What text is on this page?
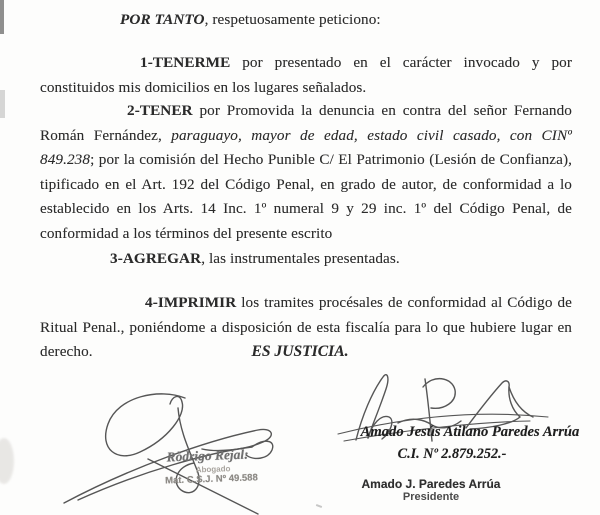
POR TANTO, respetuosamente peticiono:

1-TENERME por presentado en el carácter invocado y por constituidos mis domicilios en los lugares señalados.

2-TENER por Promovida la denuncia en contra del señor Fernando Román Fernández, paraguayo, mayor de edad, estado civil casado, con CINº 849.238; por la comisión del Hecho Punible C/ El Patrimonio (Lesión de Confianza), tipificado en el Art. 192 del Código Penal, en grado de autor, de conformidad a lo establecido en los Arts. 14 Inc. 1º numeral 9 y 29 inc. 1º del Código Penal, de conformidad a los términos del presente escrito

3-AGREGAR, las instrumentales presentadas.

4-IMPRIMIR los tramites procésales de conformidad al Código de Ritual Penal., poniéndome a disposición de esta fiscalía para lo que hubiere lugar en derecho.	ES JUSTICIA.

Ròdrigo Rejal:

Abogado

Mat. C.S.J. Nº 49.588

Amado Jesús Atilano Paredes Arrúa

C.I. Nº 2.879.252.-

Amado J. Paredes Arrúa

Presidente
